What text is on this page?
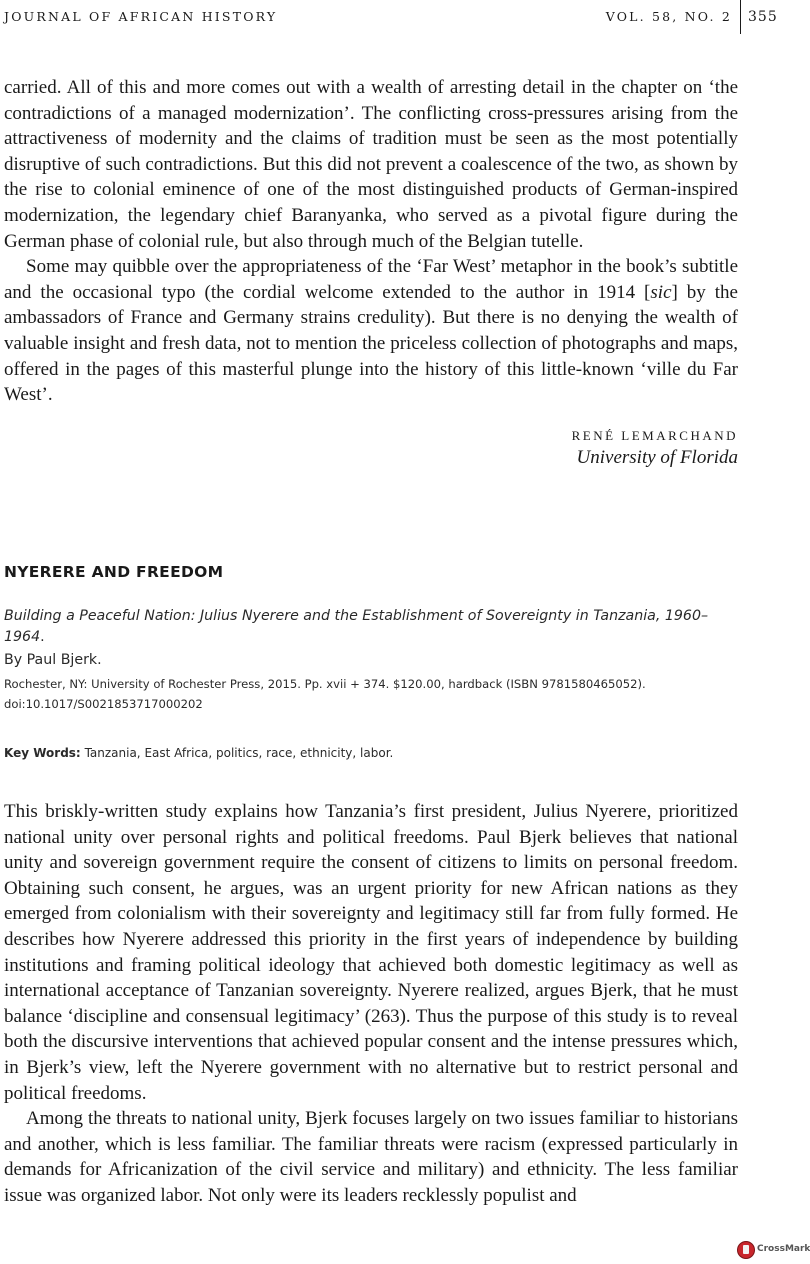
JOURNAL OF AFRICAN HISTORY	VOL. 58, NO. 2 355

carried. All of this and more comes out with a wealth of arresting detail in the chapter on ‘the contradictions of a managed modernization’. The conflicting cross-pressures arising from the attractiveness of modernity and the claims of tradition must be seen as the most potentially disruptive of such contradictions. But this did not prevent a coalescence of the two, as shown by the rise to colonial eminence of one of the most distinguished products of German-inspired modernization, the legendary chief Baranyanka, who served as a pivotal figure during the German phase of colonial rule, but also through much of the Belgian tutelle.

Some may quibble over the appropriateness of the ‘Far West’ metaphor in the book’s subtitle and the occasional typo (the cordial welcome extended to the author in 1914 [sic] by the ambassadors of France and Germany strains credulity). But there is no denying the wealth of valuable insight and fresh data, not to mention the priceless collection of photographs and maps, offered in the pages of this masterful plunge into the history of this little-known ‘ville du Far West’.

RENÉ LEMARCHAND
University of Florida
NYERERE AND FREEDOM
Building a Peaceful Nation: Julius Nyerere and the Establishment of Sovereignty in Tanzania, 1960–1964.
By Paul Bjerk.
Rochester, NY: University of Rochester Press, 2015. Pp. xvii + 374. $120.00, hardback (ISBN 9781580465052).
doi:10.1017/S0021853717000202
Key Words: Tanzania, East Africa, politics, race, ethnicity, labor.

This briskly-written study explains how Tanzania’s first president, Julius Nyerere, prioritized national unity over personal rights and political freedoms. Paul Bjerk believes that national unity and sovereign government require the consent of citizens to limits on personal freedom. Obtaining such consent, he argues, was an urgent priority for new African nations as they emerged from colonialism with their sovereignty and legitimacy still far from fully formed. He describes how Nyerere addressed this priority in the first years of independence by building institutions and framing political ideology that achieved both domestic legitimacy as well as international acceptance of Tanzanian sovereignty. Nyerere realized, argues Bjerk, that he must balance ‘discipline and consensual legitimacy’ (263). Thus the purpose of this study is to reveal both the discursive interventions that achieved popular consent and the intense pressures which, in Bjerk’s view, left the Nyerere government with no alternative but to restrict personal and political freedoms.

Among the threats to national unity, Bjerk focuses largely on two issues familiar to historians and another, which is less familiar. The familiar threats were racism (expressed particularly in demands for Africanization of the civil service and military) and ethnicity. The less familiar issue was organized labor. Not only were its leaders recklessly populist and

CrossMark
